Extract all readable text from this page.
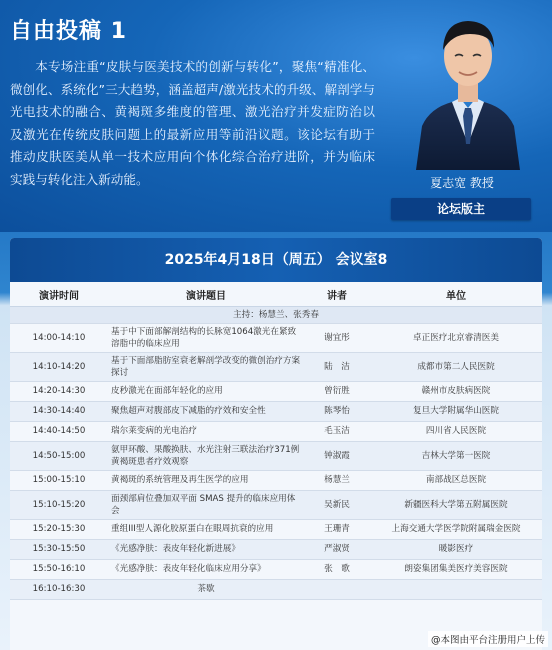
自由投稿 1
本专场注重“皮肤与医美技术的创新与转化”，聚焦“精准化、微创化、系统化”三大趋势，涵盖超声/激光技术的升级、解剖学与光电技术的融合、黄褐斑多维度的管理、激光治疗并发症防治以及激光在传统皮肤问题上的最新应用等前沿议题。该论坛有助于推动皮肤医美从单一技术应用向个体化综合治疗进阶，并为临床实践与转化注入新动能。	夏志宽 教授
论坛版主
2025年4月18日（周五） 会议室8
演讲时间	演讲题目	讲者	单位
主持：杨慧兰、张秀春			
14:00-14:10	基于中下面部解剖结构的长脉宽1064激光在紧致溶脂中的临床应用	谢宜彤	卓正医疗北京睿清医美
14:10-14:20	基于下面部脂肪室衰老解剖学改变的微创治疗方案探讨	陆　洁	成都市第二人民医院
14:20-14:30	皮秒激光在面部年轻化的应用	曾衍胜	赣州市皮肤病医院
14:30-14:40	聚焦超声对腹部皮下减脂的疗效和安全性	陈琴怡	复旦大学附属华山医院
14:40-14:50	瑞尔莱变病的光电治疗	毛玉洁	四川省人民医院
14:50-15:00	氨甲环酸、果酸换肤、水光注射三联法治疗371例黄褐斑患者疗效观察	钟淑霞	吉林大学第一医院
15:00-15:10	黄褐斑的系统管理及再生医学的应用	杨慧兰	南部战区总医院
15:10-15:20	面颈部肩位叠加双平面 SMAS 提升的临床应用体会	吴新民	新疆医科大学第五附属医院
15:20-15:30	重组III型人源化胶原蛋白在眼周抗衰的应用	王珊青	上海交通大学医学院附属瑞金医院
15:30-15:50	《光感净肤：表皮年轻化新进展》	严淑贤	暖影医疗
15:50-16:10	《光感净肤：表皮年轻化临床应用分享》	张　歌	朗姿集团集美医疗美容医院
16:10-16:30	茶歇		
@本图由平台注册用户上传
